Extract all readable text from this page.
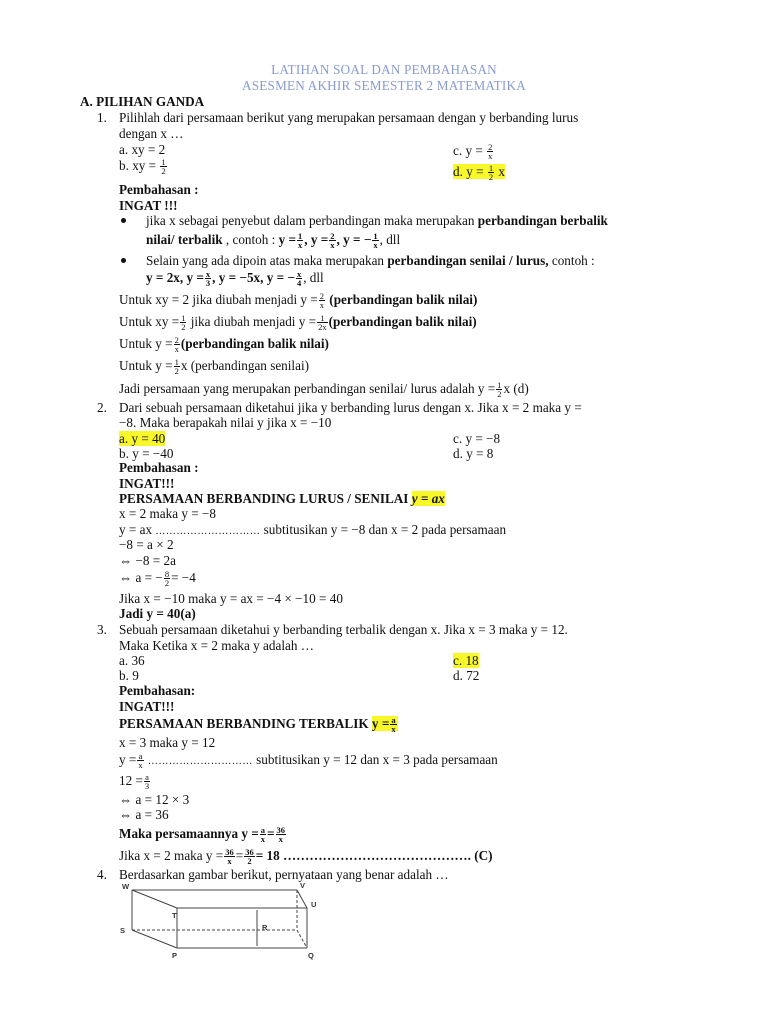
LATIHAN SOAL DAN PEMBAHASAN
ASESMEN AKHIR SEMESTER 2 MATEMATIKA
A. PILIHAN GANDA
1. Pilihlah dari persamaan berikut yang merupakan persamaan dengan y berbanding lurus
dengan x …
a. xy = 2
b. xy = $\frac{1}{2}$
c. $y = \frac{2}{x}$
d. $y = \frac{1}{2}$ x
Pembahasan :
INGAT !!!
jika x sebagai penyebut dalam perbandingan maka merupakan perbandingan berbalik
nilai/ terbalik , contoh : $y = \frac{1}{x}$ , $y = \frac{2}{x}$ , y = − $\frac{1}{x}$ , dll
Selain yang ada dipoin atas maka merupakan perbandingan senilai / lurus, contoh :
y = 2x, $y = \frac{x}{3}$ , y = −5x, y = − $\frac{x}{4}$ , dll
Untuk xy = 2 jika diubah menjadi $y = \frac{2}{x}$ (perbandingan balik nilai)
Untuk xy = $\frac{1}{2}$ jika diubah menjadi $y = \frac{1}{2x}$ (perbandingan balik nilai)
Untuk $y = \frac{2}{x}$ (perbandingan balik nilai)
Untuk $y = \frac{1}{2}$ x (perbandingan senilai)
Jadi persamaan yang merupakan perbandingan senilai/ lurus adalah $y = \frac{1}{2}$ x (d)
2. Dari sebuah persamaan diketahui jika y berbanding lurus dengan x. Jika x = 2 maka y =
−8. Maka berapakah nilai y jika x = −10
a. y = 40
b. y = −40
c. y = −8
d. y = 8
Pembahasan :
INGAT!!!
PERSAMAAN BERBANDING LURUS / SENILAI y = ax
x = 2 maka y = −8
y = ax ………………………… subtitusikan y = −8 dan x = 2 pada persamaan
−8 = a × 2
⇔ −8 = 2a
⇔ a = − $\frac{8}{2} = -4$
Jika x = −10 maka y = ax = −4 × −10 = 40
Jadi y = 40(a)
3. Sebuah persamaan diketahui y berbanding terbalik dengan x. Jika x = 3 maka y = 12.
Maka Ketika x = 2 maka y adalah …
a. 36
b. 9
c. 18
d. 72
Pembahasan:
INGAT!!!
PERSAMAAN BERBANDING TERBALIK $y = \frac{a}{x}$
x = 3 maka y = 12
$y = \frac{a}{x}$ ………………………… subtitusikan y = 12 dan x = 3 pada persamaan
$12 = \frac{a}{3}$
⇔ a = 12 × 3
⇔ a = 36
Maka persamaannya $y = \frac{a}{x} = \frac{36}{x}$
Jika x = 2 maka $y = \frac{36}{x} = \frac{36}{2} = 18$ ……………………………………. (C)
4. Berdasarkan gambar berikut, pernyataan yang benar adalah …
W	V
U
T
R
S
P	Q
